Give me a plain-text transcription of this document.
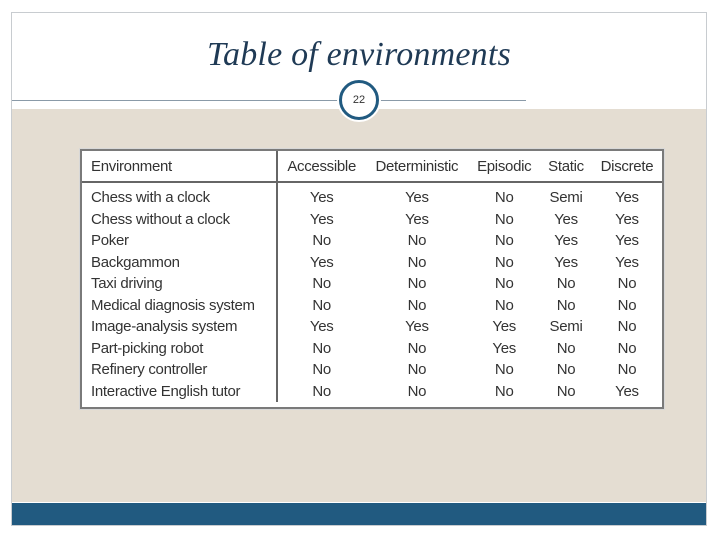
Table of environments
22
Environment	Accessible	Deterministic	Episodic	Static	Discrete
Chess with a clock	Yes	Yes	No	Semi	Yes
Chess without a clock	Yes	Yes	No	Yes	Yes
Poker	No	No	No	Yes	Yes
Backgammon	Yes	No	No	Yes	Yes
Taxi driving	No	No	No	No	No
Medical diagnosis system	No	No	No	No	No
Image-analysis system	Yes	Yes	Yes	Semi	No
Part-picking robot	No	No	Yes	No	No
Refinery controller	No	No	No	No	No
Interactive English tutor	No	No	No	No	Yes
